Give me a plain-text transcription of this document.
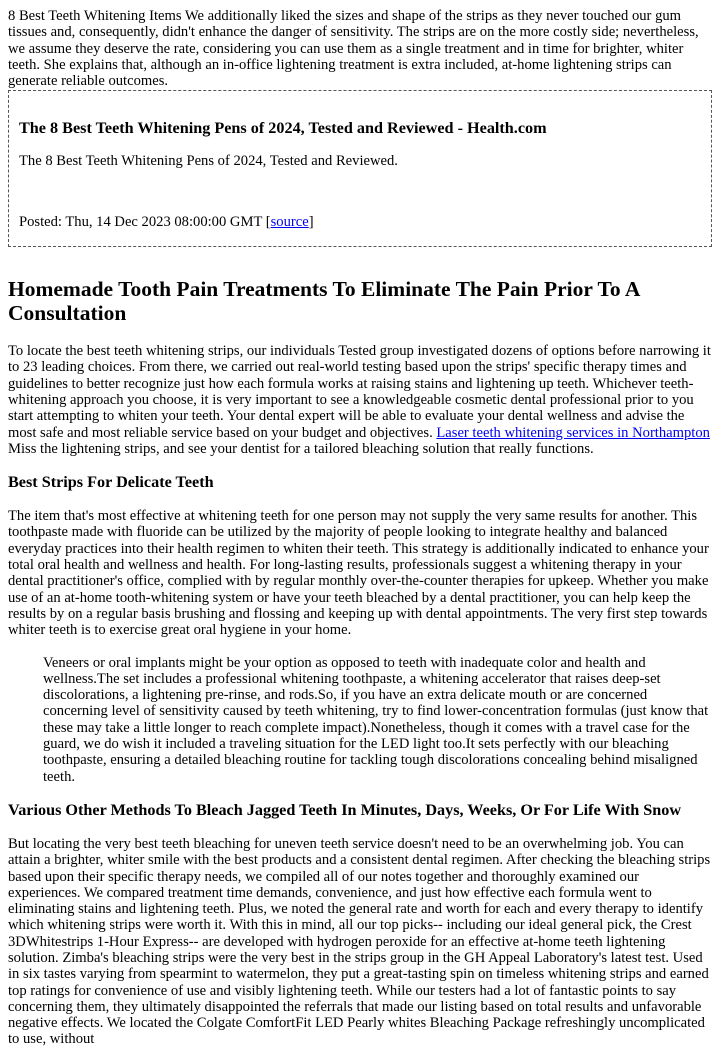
8 Best Teeth Whitening Items We additionally liked the sizes and shape of the strips as they never touched our gum tissues and, consequently, didn't enhance the danger of sensitivity. The strips are on the more costly side; nevertheless, we assume they deserve the rate, considering you can use them as a single treatment and in time for brighter, whiter teeth. She explains that, although an in-office lightening treatment is extra included, at-home lightening strips can generate reliable outcomes.

The 8 Best Teeth Whitening Pens of 2024, Tested and Reviewed - Health.com

The 8 Best Teeth Whitening Pens of 2024, Tested and Reviewed.

Posted: Thu, 14 Dec 2023 08:00:00 GMT [source]

Homemade Tooth Pain Treatments To Eliminate The Pain Prior To A Consultation

To locate the best teeth whitening strips, our individuals Tested group investigated dozens of options before narrowing it to 23 leading choices. From there, we carried out real-world testing based upon the strips' specific therapy times and guidelines to better recognize just how each formula works at raising stains and lightening up teeth. Whichever teeth-whitening approach you choose, it is very important to see a knowledgeable cosmetic dental professional prior to you start attempting to whiten your teeth. Your dental expert will be able to evaluate your dental wellness and advise the most safe and most reliable service based on your budget and objectives. Laser teeth whitening services in Northampton Miss the lightening strips, and see your dentist for a tailored bleaching solution that really functions.

Best Strips For Delicate Teeth

The item that's most effective at whitening teeth for one person may not supply the very same results for another. This toothpaste made with fluoride can be utilized by the majority of people looking to integrate healthy and balanced everyday practices into their health regimen to whiten their teeth. This strategy is additionally indicated to enhance your total oral health and wellness and health. For long-lasting results, professionals suggest a whitening therapy in your dental practitioner's office, complied with by regular monthly over-the-counter therapies for upkeep. Whether you make use of an at-home tooth-whitening system or have your teeth bleached by a dental practitioner, you can help keep the results by on a regular basis brushing and flossing and keeping up with dental appointments. The very first step towards whiter teeth is to exercise great oral hygiene in your home.

Veneers or oral implants might be your option as opposed to teeth with inadequate color and health and wellness.The set includes a professional whitening toothpaste, a whitening accelerator that raises deep-set discolorations, a lightening pre-rinse, and rods.So, if you have an extra delicate mouth or are concerned concerning level of sensitivity caused by teeth whitening, try to find lower-concentration formulas (just know that these may take a little longer to reach complete impact).Nonetheless, though it comes with a travel case for the guard, we do wish it included a traveling situation for the LED light too.It sets perfectly with our bleaching toothpaste, ensuring a detailed bleaching routine for tackling tough discolorations concealing behind misaligned teeth.
Various Other Methods To Bleach Jagged Teeth In Minutes, Days, Weeks, Or For Life With Snow

But locating the very best teeth bleaching for uneven teeth service doesn't need to be an overwhelming job. You can attain a brighter, whiter smile with the best products and a consistent dental regimen. After checking the bleaching strips based upon their specific therapy needs, we compiled all of our notes together and thoroughly examined our experiences. We compared treatment time demands, convenience, and just how effective each formula went to eliminating stains and lightening teeth. Plus, we noted the general rate and worth for each and every therapy to identify which whitening strips were worth it. With this in mind, all our top picks-- including our ideal general pick, the Crest 3DWhitestrips 1-Hour Express-- are developed with hydrogen peroxide for an effective at-home teeth lightening solution. Zimba's bleaching strips were the very best in the strips group in the GH Appeal Laboratory's latest test. Used in six tastes varying from spearmint to watermelon, they put a great-tasting spin on timeless whitening strips and earned top ratings for convenience of use and visibly lightening teeth. While our testers had a lot of fantastic points to say concerning them, they ultimately disappointed the referrals that made our listing based on total results and unfavorable negative effects. We located the Colgate ComfortFit LED Pearly whites Bleaching Package refreshingly uncomplicated to use, without
